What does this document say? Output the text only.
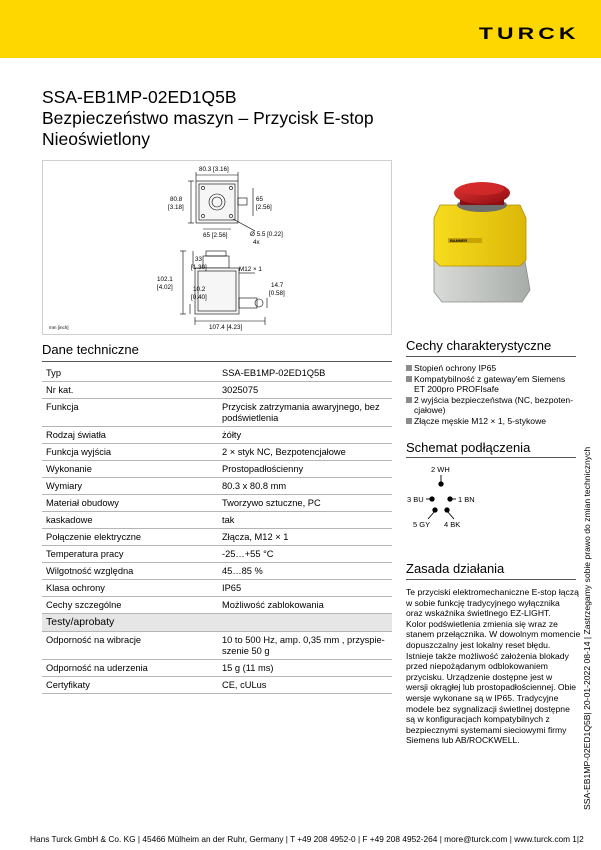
TURCK
SSA-EB1MP-02ED1Q5B
Bezpieczeństwo maszyn – Przycisk E-stop
Nieoświetlony
80.3 [3.16]
80.8
[3.18]
65
[2.56]
65 [2.56]	Ø 5.5 [0.22]
4x
33
[1.30]	M12 × 1
102.1
[4.02]	10.2
[0.40]
14.7
[0.58]
107.4 [4.23]
mm [inch]
BANNER
Dane techniczne	Cechy charakterystyczne
Schemat podłączenia
Zasada działania
Typ	SSA-EB1MP-02ED1Q5B
Nr kat.	3025075
Funkcja	Przycisk zatrzymania awaryjnego, bez podświetlenia
Rodzaj światła	żółty
Funkcja wyjścia	2 × styk NC, Bezpotencjałowe
Wykonanie	Prostopadłościenny
Wymiary	80.3 x 80.8 mm
Materiał obudowy	Tworzywo sztuczne, PC
kaskadowe	tak
Połączenie elektryczne	Złącza, M12 × 1
Temperatura pracy	-25…+55 °C
Wilgotność względna	45…85 %
Klasa ochrony	IP65
Cechy szczególne	Możliwość zablokowania
Testy/aprobaty	
Odporność na wibracje	10 to 500 Hz, amp. 0,35 mm , przyspie-szenie 50 g
Odporność na uderzenia	15 g (11 ms)
Certyfikaty	CE, cULus
Stopień ochrony IP65
Kompatybilność z gateway'em Siemens ET 200pro PROFIsafe
2 wyjścia bezpieczeństwa (NC, bezpoten-cjałowe)
Złącze męskie M12 × 1, 5-stykowe
2 WH
3 BU	1 BN
5 GY 4 BK
Te przyciski elektromechaniczne E-stop łączą
w sobie funkcję tradycyjnego wyłącznika
oraz wskaźnika świetlnego EZ-LIGHT.
Kolor podświetlenia zmienia się wraz ze
stanem przełącznika. W dowolnym momencie
dopuszczalny jest lokalny reset błędu.
Istnieje także możliwość założenia blokady
przed niepożądanym odblokowaniem
przycisku. Urządzenie dostępne jest w
wersji okrągłej lub prostopadłościennej. Obie
wersje wykonane są w IP65. Tradycyjne
modele bez sygnalizacji świetlnej dostępne
są w konfiguracjach kompatybilnych z
bezpiecznymi systemami sieciowymi firmy
Siemens lub AB/ROCKWELL.	SSA-EB1MP-02ED1Q5B| 20-01-2022 08-14 | Zastrzegamy sobie prawo do zmian technicznych
Hans Turck GmbH & Co. KG | 45466 Mülheim an der Ruhr, Germany | T +49 208 4952-0 | F +49 208 4952-264 | more@turck.com | www.turck.com 1|2
